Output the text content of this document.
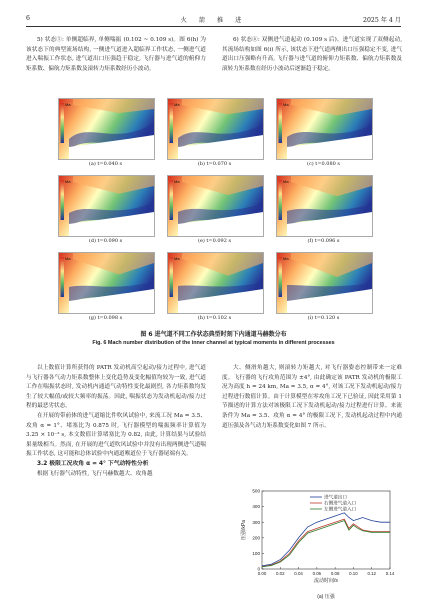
6	火 箭 推 进	2025 年 4 月

5) 状态⑤: 单侧超临界, 单侧喘振 (0.102 ~ 0.109 s)。图 6(h) 为该状态下的典型流场结构, 一侧进气道进入超临界工作状态, 一侧进气道进入喘振工作状态, 进气道出口压强趋于稳定, 飞行器与进气道的俯仰力矩系数、偏航力矩系数及滚转力矩系数经历小波动。

6) 状态⑥: 双侧进气道起动 (0.109 s 后)。进气道实现了双侧起动, 其流场结构如图 6(i) 所示, 该状态下进气道两侧出口压强稳定不变, 进气道出口压强略有升高, 飞行器与进气道的俯仰力矩系数、偏航力矩系数及滚转力矩系数在经历小波动后逐渐趋于稳定。

Ma
(a) t=0.040 s
Ma
(b) t=0.070 s
Ma
(c) t=0.080 s
Ma
(d) t=0.090 s
Ma
(e) t=0.092 s
Ma
(f) t=0.096 s
Ma
(g) t=0.098 s
Ma
(h) t=0.102 s
Ma
(i) t=0.120 s
图 6 进气道不同工作状态典型时刻下内通道马赫数分布
Fig. 6 Mach number distribution of the inner channel at typical moments in different processes

以上数值计算所获得的 PATR 发动机高空起动/接力过程中, 进气道与飞行器各气动力矩系数整体上变化趋势及变化幅值均较为一致, 进气道工作在喘振状态时, 发动机内通道气动特性变化最剧烈, 各力矩系数均发生了较大幅值/或较大频率的振荡。因此, 喘振状态为发动机起动/接力过程的最恶劣状态。

在开展的带前体的进气道缩比件吹风试验中, 来流工况 Ma = 3.5、攻角 α = 1°、堵塞比为 0.875 时, 飞行器模型的喘振频率计算值为 3.25 × 10⁻² s, 本文数值计算堵塞比为 0.82, 由此, 计算结果与试验结果量级相当。然而, 在开展的进气道吹风试验中并没有出现两侧进气道喘振工作状态, 这可能和总体试验中内通道喉道位于飞行器尾端有关。

3.2 极限工况攻角 α = 4° 下气动特性分析

根据飞行器气动特性, 飞行马赫数越大、攻角越

大、侧滑角越大, 则滚转力矩越大, 对飞行器姿态控制带来一定难度。飞行器的飞行攻角范围为 ±4°, 由此确定该 PATR 发动机的极限工况为高度 h = 24 km, Ma = 3.5, α = 4°, 对该工况下发动机起动/接力过程进行数值计算。由于计算模型在零攻角工况下已验证, 因此采用第 1 节描述的计算方法对该极限工况下发动机起动/接力过程进行计算。来流条件为 Ma = 3.5、攻角 α = 4° 的极限工况下, 发动机起动过程中内通道压强及各气动力矩系数变化如图 7 所示。

0
100
200
300
400
500
0.00 0.02 0.04 0.06 0.08 0.10 0.12 0.14
压强/kPa
流动时间/s
进气道出口
右侧进气道入口
左侧进气道入口
(a) 压强
